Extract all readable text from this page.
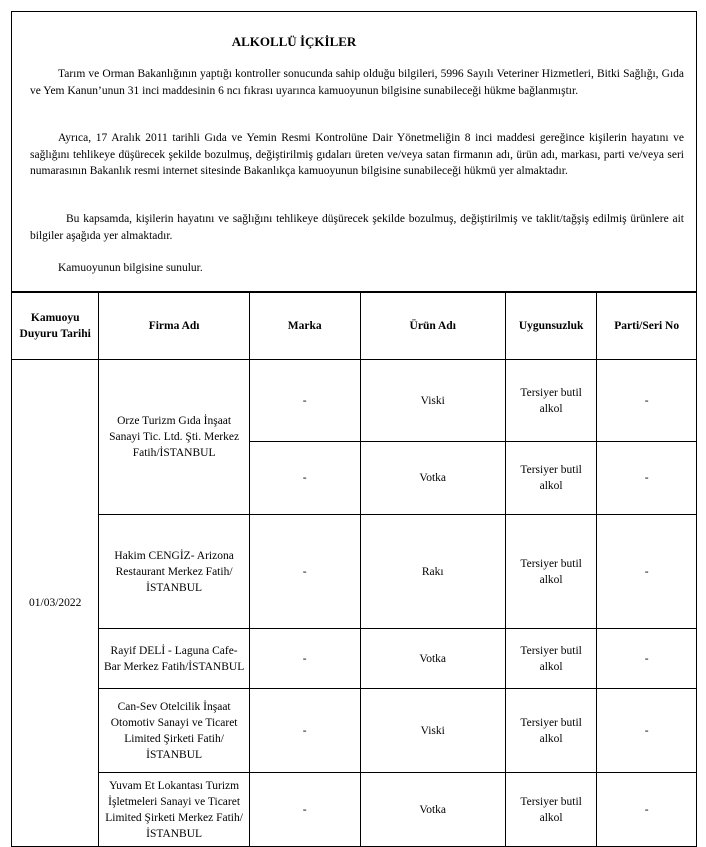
ALKOLLÜ İÇKİLER
Tarım ve Orman Bakanlığının yaptığı kontroller sonucunda sahip olduğu bilgileri, 5996 Sayılı Veteriner Hizmetleri, Bitki Sağlığı, Gıda ve Yem Kanun’unun 31 inci maddesinin 6 ncı fıkrası uyarınca kamuoyunun bilgisine sunabileceği hükme bağlanmıştır.
Ayrıca, 17 Aralık 2011 tarihli Gıda ve Yemin Resmi Kontrolüne Dair Yönetmeliğin 8 inci maddesi gereğince kişilerin hayatını ve sağlığını tehlikeye düşürecek şekilde bozulmuş, değiştirilmiş gıdaları üreten ve/veya satan firmanın adı, ürün adı, markası, parti ve/veya seri numarasının Bakanlık resmi internet sitesinde Bakanlıkça kamuoyunun bilgisine sunabileceği hükmü yer almaktadır.
Bu kapsamda, kişilerin hayatını ve sağlığını tehlikeye düşürecek şekilde bozulmuş, değiştirilmiş ve taklit/tağşiş edilmiş ürünlere ait bilgiler aşağıda yer almaktadır.
Kamuoyunun bilgisine sunulur.
Kamuoyu Duyuru Tarihi	Firma Adı	Marka	Ürün Adı	Uygunsuzluk	Parti/Seri No
01/03/2022	Orze Turizm Gıda İnşaat Sanayi Tic. Ltd. Şti. Merkez Fatih/İSTANBUL	-	Viski	Tersiyer butil alkol	-
		-	Votka	Tersiyer butil alkol	-
	Hakim CENGİZ- Arizona Restaurant Merkez Fatih/İSTANBUL	-	Rakı	Tersiyer butil alkol	-
	Rayif DELİ - Laguna Cafe-Bar Merkez Fatih/İSTANBUL	-	Votka	Tersiyer butil alkol	-
	Can-Sev Otelcilik İnşaat Otomotiv Sanayi ve Ticaret Limited Şirketi Fatih/İSTANBUL	-	Viski	Tersiyer butil alkol	-
	Yuvam Et Lokantası Turizm İşletmeleri Sanayi ve Ticaret Limited Şirketi Merkez Fatih/İSTANBUL	-	Votka	Tersiyer butil alkol	-
